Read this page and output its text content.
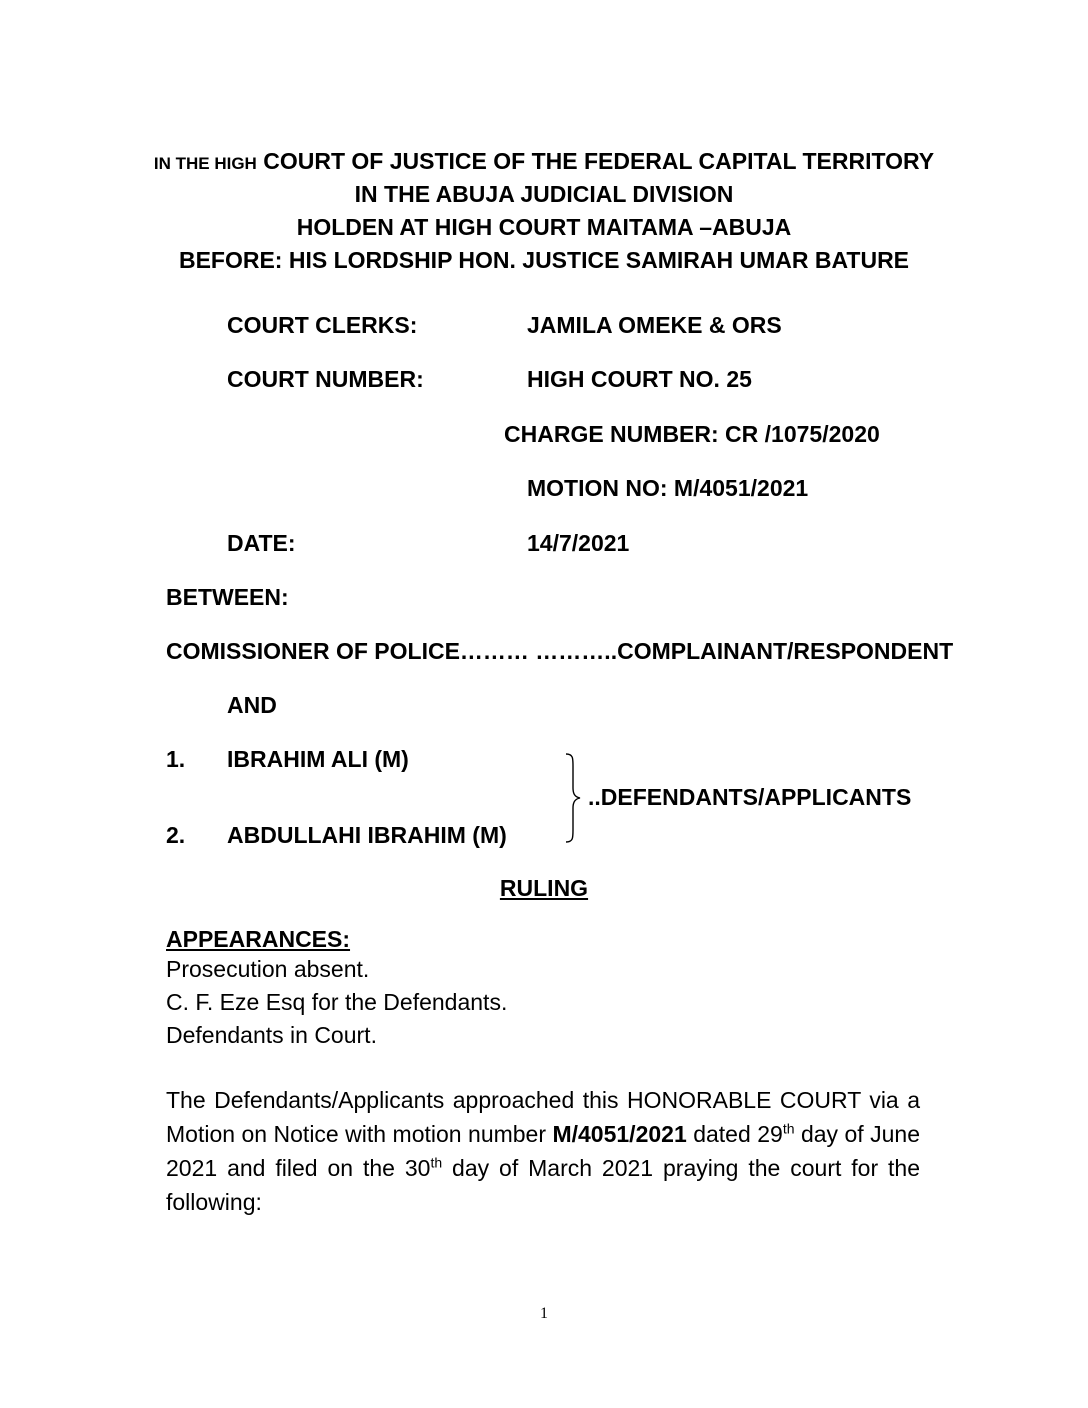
IN THE HIGH COURT OF JUSTICE OF THE FEDERAL CAPITAL TERRITORY
IN THE ABUJA JUDICIAL DIVISION
HOLDEN AT HIGH COURT MAITAMA –ABUJA
BEFORE: HIS LORDSHIP HON. JUSTICE SAMIRAH UMAR BATURE
COURT CLERKS:	JAMILA OMEKE & ORS
COURT NUMBER:	HIGH COURT NO. 25
CHARGE NUMBER: CR /1075/2020
MOTION NO: M/4051/2021
DATE:	14/7/2021
BETWEEN:
COMISSIONER OF POLICE……… ………..COMPLAINANT/RESPONDENT
AND
1. IBRAHIM ALI (M)
2. ABDULLAHI IBRAHIM (M)
..DEFENDANTS/APPLICANTS
RULING
APPEARANCES:
Prosecution absent.
C. F. Eze Esq for the Defendants.
Defendants in Court.

The Defendants/Applicants approached this HONORABLE COURT via a Motion on Notice with motion number M/4051/2021 dated 29th day of June 2021 and filed on the 30th day of March 2021 praying the court for the following:

1
